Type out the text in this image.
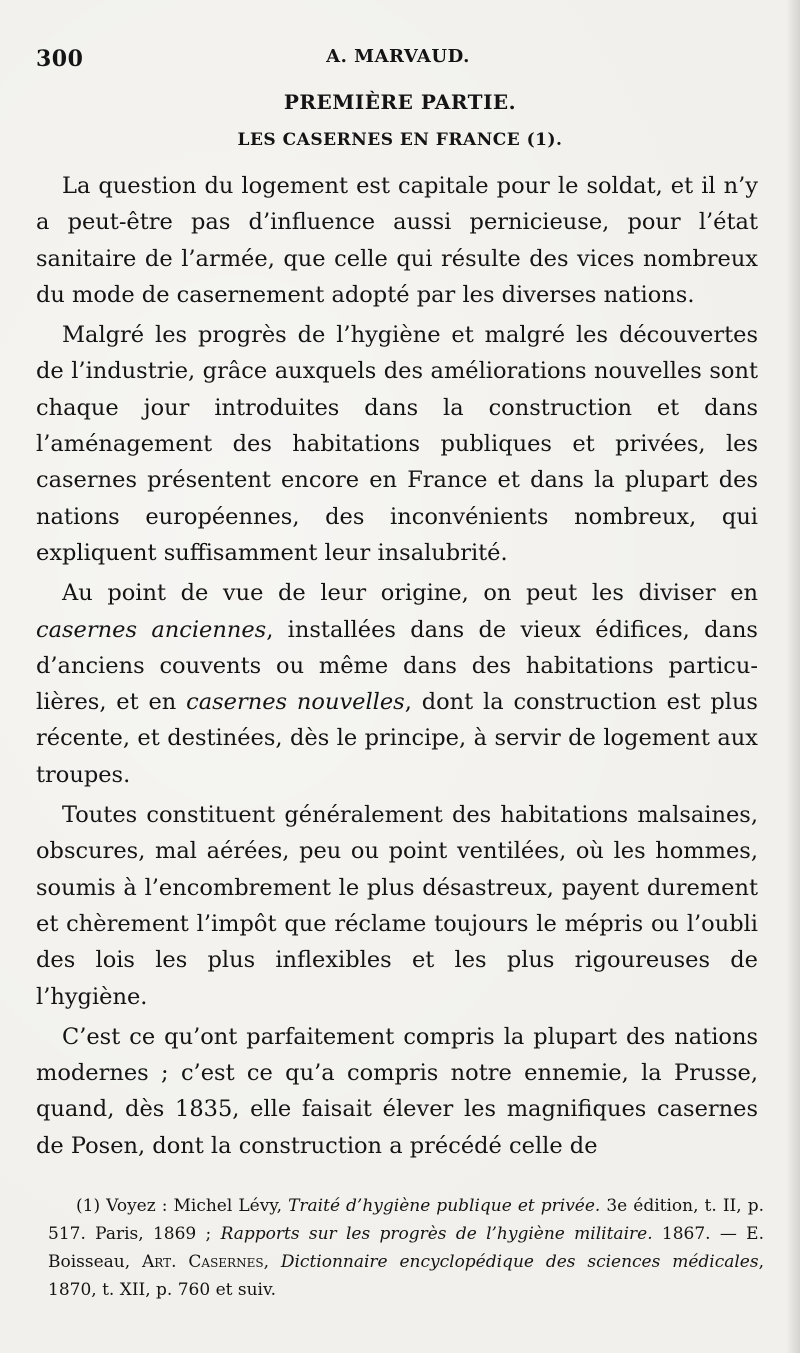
300	A. MARVAUD.
PREMIÈRE PARTIE.
LES CASERNES EN FRANCE (1).

La question du logement est capitale pour le soldat, et il n’y a peut-être pas d’influence aussi pernicieuse, pour l’état sanitaire de l’armée, que celle qui résulte des vices nombreux du mode de casernement adopté par les diverses nations.

Malgré les progrès de l’hygiène et malgré les découvertes de l’industrie, grâce auxquels des améliorations nouvelles sont chaque jour introduites dans la construction et dans l’aménagement des habitations publiques et privées, les casernes présentent encore en France et dans la plupart des nations européennes, des inconvénients nombreux, qui expliquent suffisamment leur insalubrité.

Au point de vue de leur origine, on peut les diviser en casernes anciennes, installées dans de vieux édifices, dans d’anciens couvents ou même dans des habitations particulières, et en casernes nouvelles, dont la construction est plus récente, et destinées, dès le principe, à servir de logement aux troupes.

Toutes constituent généralement des habitations malsaines, obscures, mal aérées, peu ou point ventilées, où les hommes, soumis à l’encombrement le plus désastreux, payent durement et chèrement l’impôt que réclame toujours le mépris ou l’oubli des lois les plus inflexibles et les plus rigoureuses de l’hygiène.

C’est ce qu’ont parfaitement compris la plupart des nations modernes ; c’est ce qu’a compris notre ennemie, la Prusse, quand, dès 1835, elle faisait élever les magnifiques casernes de Posen, dont la construction a précédé celle de

(1) Voyez : Michel Lévy, Traité d’hygiène publique et privée. 3e édition, t. II, p. 517. Paris, 1869 ; Rapports sur les progrès de l’hygiène militaire. 1867. — E. Boisseau, Art. Casernes, Dictionnaire encyclopédique des sciences médicales, 1870, t. XII, p. 760 et suiv.
